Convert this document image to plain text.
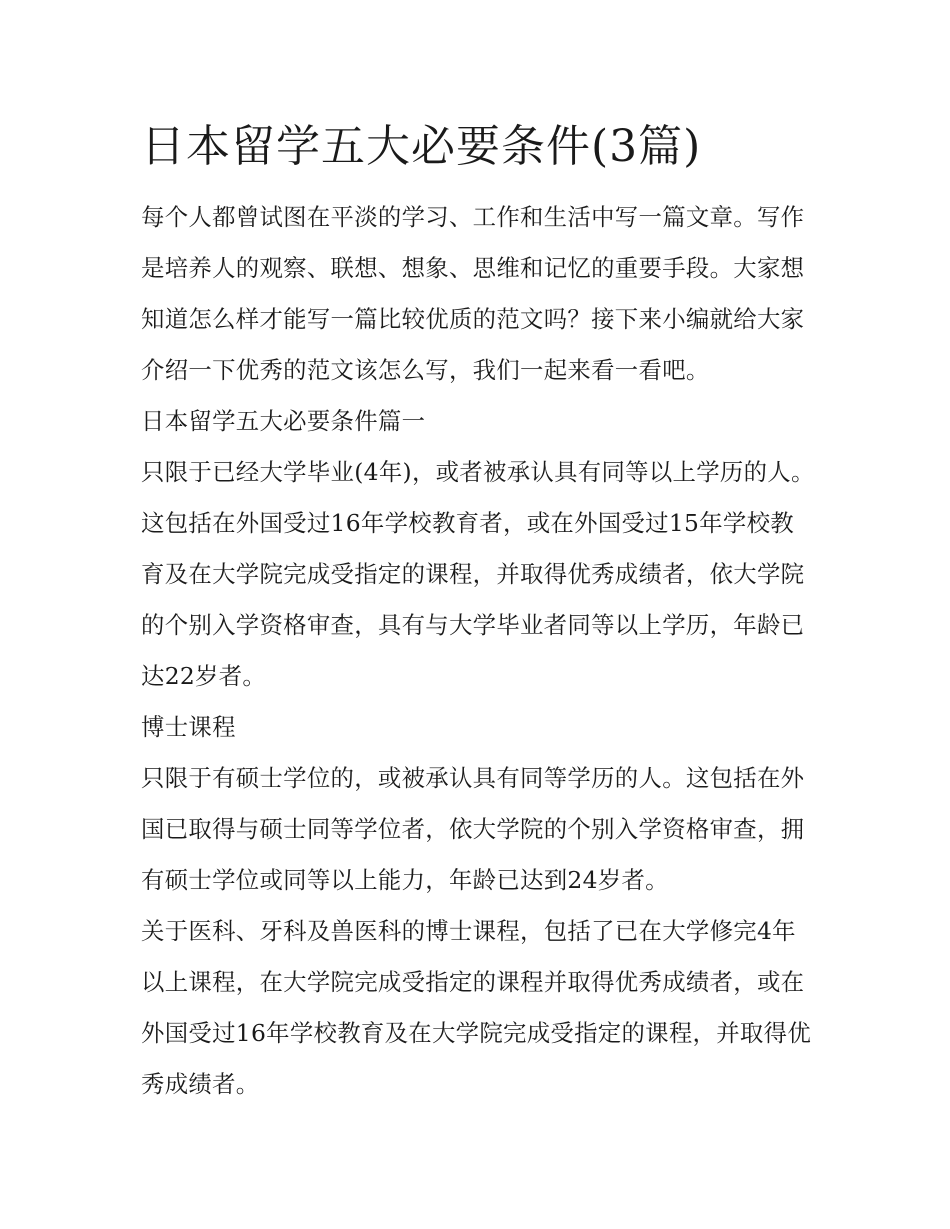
日本留学五大必要条件(3篇)

每个人都曾试图在平淡的学习、工作和生活中写一篇文章。写作是培养人的观察、联想、想象、思维和记忆的重要手段。大家想知道怎么样才能写一篇比较优质的范文吗？接下来小编就给大家介绍一下优秀的范文该怎么写，我们一起来看一看吧。

日本留学五大必要条件篇一

只限于已经大学毕业(4年)，或者被承认具有同等以上学历的人。这包括在外国受过16年学校教育者，或在外国受过15年学校教育及在大学院完成受指定的课程，并取得优秀成绩者，依大学院的个别入学资格审查，具有与大学毕业者同等以上学历，年龄已达22岁者。

博士课程

只限于有硕士学位的，或被承认具有同等学历的人。这包括在外国已取得与硕士同等学位者，依大学院的个别入学资格审查，拥有硕士学位或同等以上能力，年龄已达到24岁者。

关于医科、牙科及兽医科的博士课程，包括了已在大学修完4年以上课程，在大学院完成受指定的课程并取得优秀成绩者，或在外国受过16年学校教育及在大学院完成受指定的课程，并取得优秀成绩者。
